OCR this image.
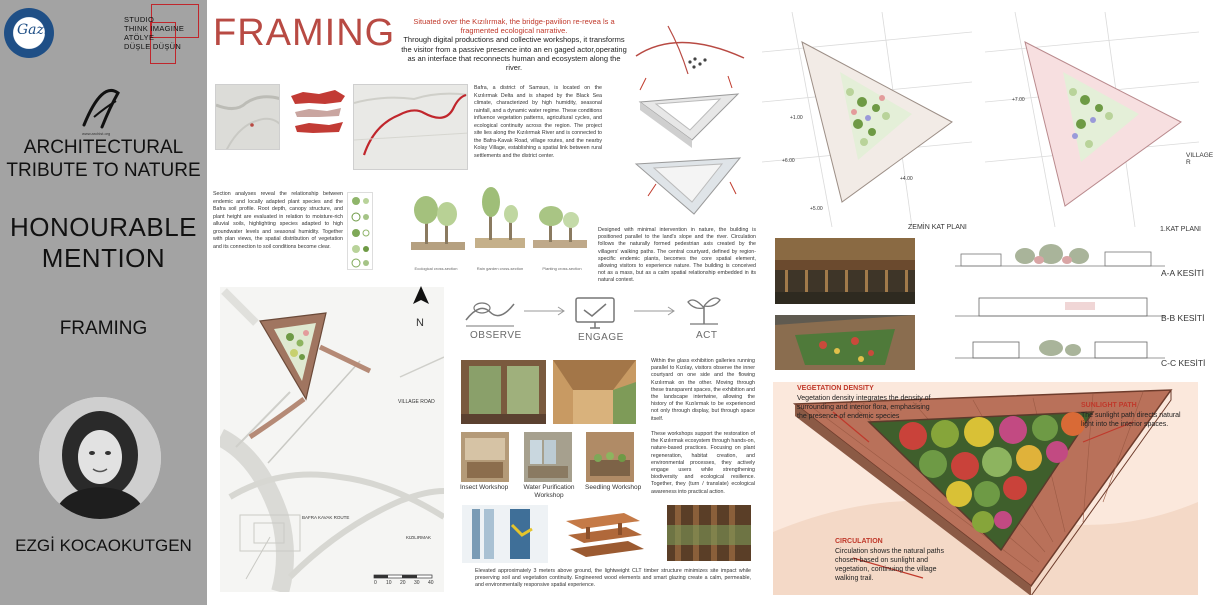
Gazi
STUDIO
THINK IMAGINE
ATÖLYE
DÜŞLE DÜŞÜN
www.archist.org
ARCHITECTURAL
TRIBUTE TO NATURE
HONOURABLE
MENTION
FRAMING
EZGİ KOCAOKUTGEN
FRAMING	Situated over the Kızılırmak, the bridge-pavilion re-revea ls a fragmented ecological narrative.
Through digital productions and collective workshops, it transforms the visitor from a passive presence into an en gaged actor,operating as an interface that reconnects human and ecosystem along the river.
Bafra, a district of Samsun, is located on the Kızılırmak Delta and is shaped by the Black Sea climate, characterized by high humidity, seasonal rainfall, and a dynamic water regime. These conditions influence vegetation patterns, agricultural cycles, and ecological continuity across the region. The project site lies along the Kızılırmak River and is connected to the Bafra-Kavak Road, village routes, and the nearby Kolay Village, establishing a spatial link between rural settlements and the district center.
Section analyses reveal the relationship between endemic and locally adapted plant species and the Bafra soil profile. Root depth, canopy structure, and plant height are evaluated in relation to moisture-rich alluvial soils, highlighting species adapted to high groundwater levels and seasonal humidity. Together with plan views, the spatial distribution of vegetation and its connection to soil conditions become clear.
Ecological cross-section	Rain garden cross-section	Planting cross-section
Designed with minimal intervention in nature, the building is positioned parallel to the land's slope and the river. Circulation follows the naturally formed pedestrian axis created by the villagers' walking paths. The central courtyard, defined by region-specific endemic plants, becomes the core spatial element, allowing visitors to experience nature. The building is conceived not as a mass, but as a calm spatial relationship embedded in its natural context.
VILLAGE ROAD
BAFRA KAVAK ROUTE
KIZILIRMAK
N
0 10 20 30 40
OBSERVE	ENGAGE	ACT
Within the glass exhibition galleries running parallel to Kızılay, visitors observe the inner courtyard on one side and the flowing Kızılırmak on the other. Moving through these transparent spaces, the exhibition and the landscape intertwine, allowing the history of the Kızılırmak to be experienced not only through display, but through space itself.
Insect Workshop	Water Purification Workshop
Seedling Workshop
These workshops support the restoration of the Kızılırmak ecosystem through hands-on, nature-based practices. Focusing on plant regeneration, habitat creation, and environmental processes, they actively engage users while strengthening biodiversity and ecological resilience. Together, they (turn / translate) ecological awareness into practical action.
Elevated approximately 3 meters above ground, the lightweight CLT timber structure minimizes site impact while preserving soil and vegetation continuity. Engineered wood elements and smart glazing create a calm, permeable, and environmentally responsive spatial experience.
+1.00
+6.00
+5.00
+4.00
ZEMİN KAT PLANI
+7.00
VILLAGE R
1.KAT PLANI
A-A KESİTİ
B-B KESİTİ
C-C KESİTİ
VEGETATION DENSITY
Vegetation density integrates the density of surrounding and interior flora, emphasising the presence of endemic species
SUNLIGHT PATH
The sunlight path directs natural light into the interior spaces.
CIRCULATION
Circulation shows the natural paths chosen based on sunlight and vegetation, continuing the village walking trail.
